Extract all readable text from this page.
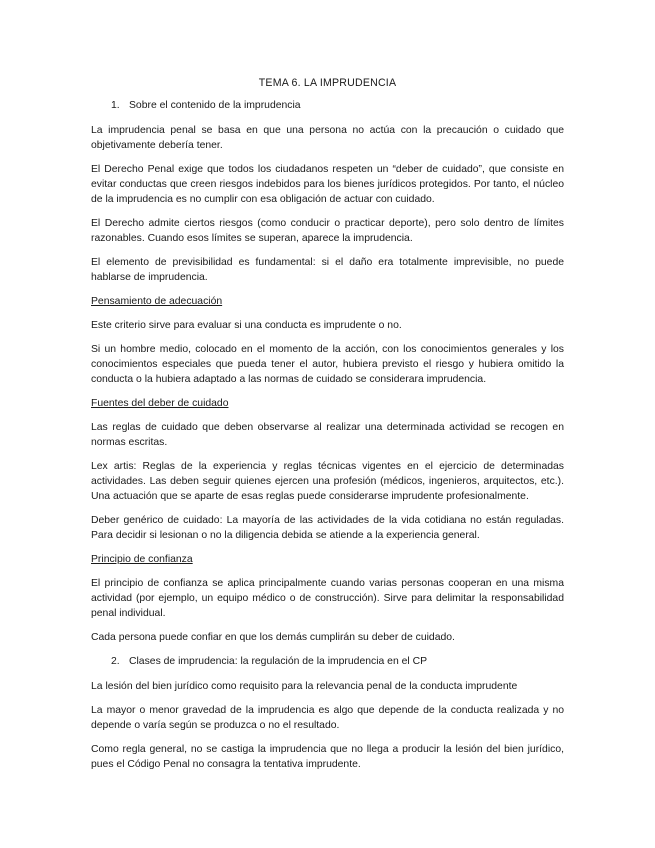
TEMA 6. LA IMPRUDENCIA
1. Sobre el contenido de la imprudencia

La imprudencia penal se basa en que una persona no actúa con la precaución o cuidado que objetivamente debería tener.

El Derecho Penal exige que todos los ciudadanos respeten un “deber de cuidado”, que consiste en evitar conductas que creen riesgos indebidos para los bienes jurídicos protegidos. Por tanto, el núcleo de la imprudencia es no cumplir con esa obligación de actuar con cuidado.

El Derecho admite ciertos riesgos (como conducir o practicar deporte), pero solo dentro de límites razonables. Cuando esos límites se superan, aparece la imprudencia.

El elemento de previsibilidad es fundamental: si el daño era totalmente imprevisible, no puede hablarse de imprudencia.

Pensamiento de adecuación

Este criterio sirve para evaluar si una conducta es imprudente o no.

Si un hombre medio, colocado en el momento de la acción, con los conocimientos generales y los conocimientos especiales que pueda tener el autor, hubiera previsto el riesgo y hubiera omitido la conducta o la hubiera adaptado a las normas de cuidado se considerara imprudencia.

Fuentes del deber de cuidado

Las reglas de cuidado que deben observarse al realizar una determinada actividad se recogen en normas escritas.

Lex artis: Reglas de la experiencia y reglas técnicas vigentes en el ejercicio de determinadas actividades. Las deben seguir quienes ejercen una profesión (médicos, ingenieros, arquitectos, etc.). Una actuación que se aparte de esas reglas puede considerarse imprudente profesionalmente.

Deber genérico de cuidado: La mayoría de las actividades de la vida cotidiana no están reguladas. Para decidir si lesionan o no la diligencia debida se atiende a la experiencia general.

Principio de confianza

El principio de confianza se aplica principalmente cuando varias personas cooperan en una misma actividad (por ejemplo, un equipo médico o de construcción). Sirve para delimitar la responsabilidad penal individual.

Cada persona puede confiar en que los demás cumplirán su deber de cuidado.

2. Clases de imprudencia: la regulación de la imprudencia en el CP

La lesión del bien jurídico como requisito para la relevancia penal de la conducta imprudente

La mayor o menor gravedad de la imprudencia es algo que depende de la conducta realizada y no depende o varía según se produzca o no el resultado.

Como regla general, no se castiga la imprudencia que no llega a producir la lesión del bien jurídico, pues el Código Penal no consagra la tentativa imprudente.
